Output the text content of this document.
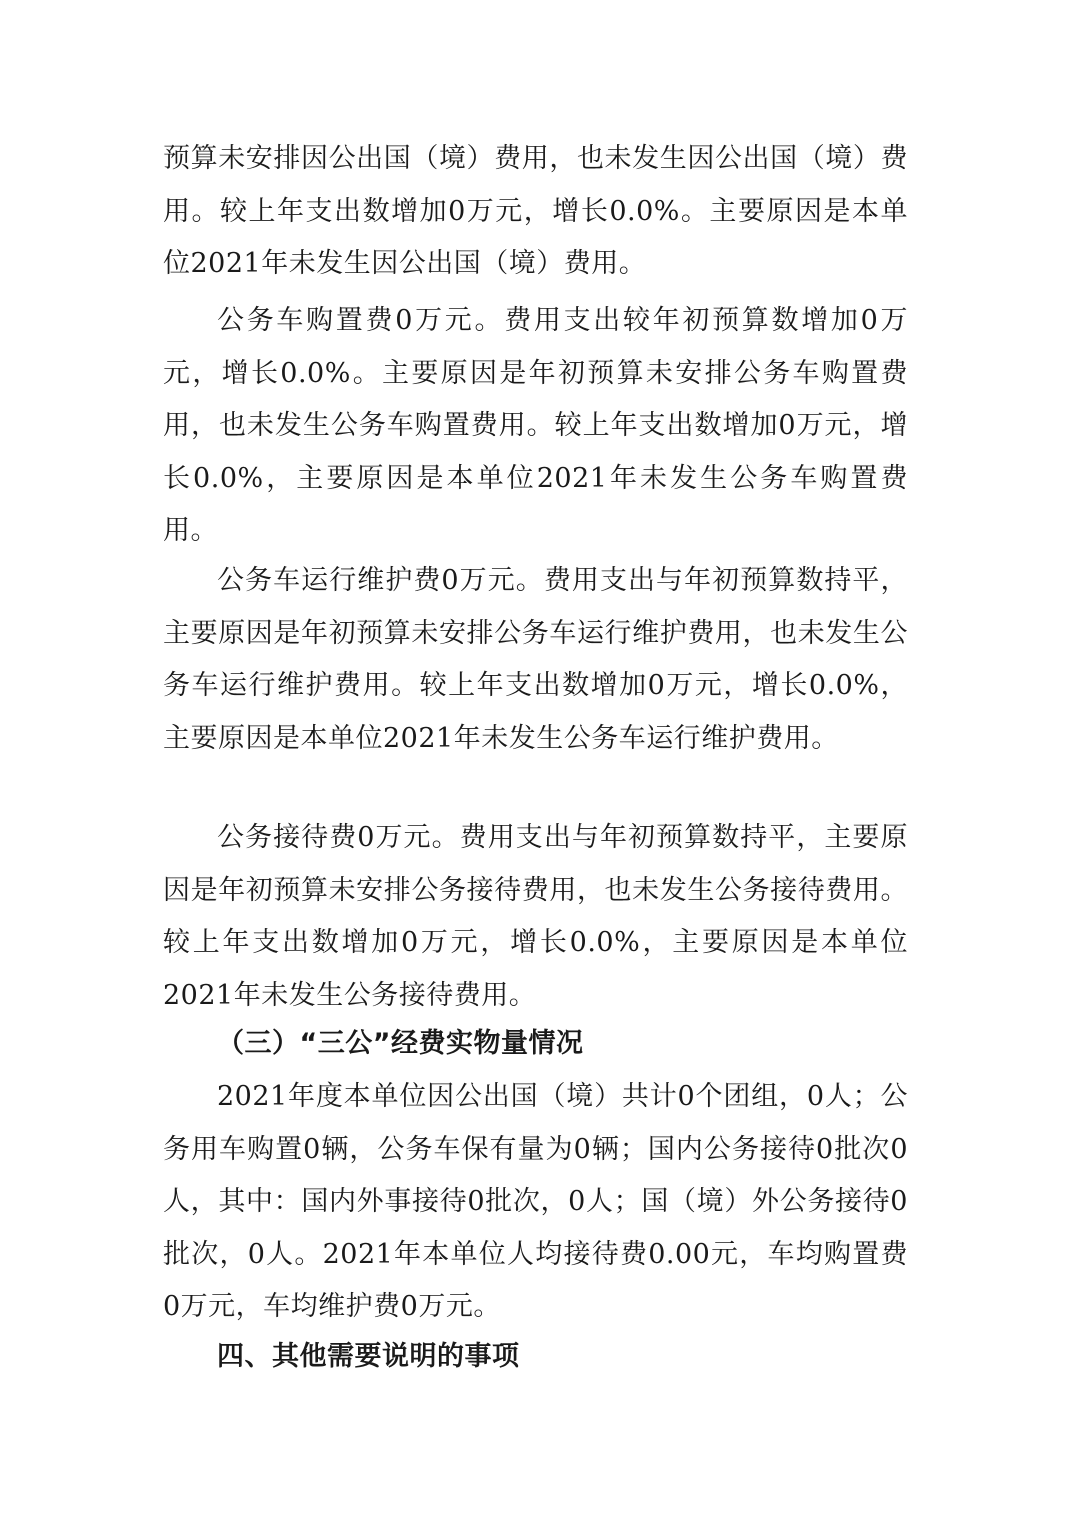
预算未安排因公出国（境）费用，也未发生因公出国（境）费用。较上年支出数增加0万元，增长0.0%。主要原因是本单位2021年未发生因公出国（境）费用。

公务车购置费0万元。费用支出较年初预算数增加0万元，增长0.0%。主要原因是年初预算未安排公务车购置费用，也未发生公务车购置费用。较上年支出数增加0万元，增长0.0%，主要原因是本单位2021年未发生公务车购置费用。

公务车运行维护费0万元。费用支出与年初预算数持平，主要原因是年初预算未安排公务车运行维护费用，也未发生公务车运行维护费用。较上年支出数增加0万元，增长0.0%，主要原因是本单位2021年未发生公务车运行维护费用。

公务接待费0万元。费用支出与年初预算数持平，主要原因是年初预算未安排公务接待费用，也未发生公务接待费用。较上年支出数增加0万元，增长0.0%，主要原因是本单位2021年未发生公务接待费用。

（三）“三公”经费实物量情况

2021年度本单位因公出国（境）共计0个团组，0人；公务用车购置0辆，公务车保有量为0辆；国内公务接待0批次0人，其中：国内外事接待0批次，0人；国（境）外公务接待0批次，0人。2021年本单位人均接待费0.00元，车均购置费0万元，车均维护费0万元。

四、其他需要说明的事项
